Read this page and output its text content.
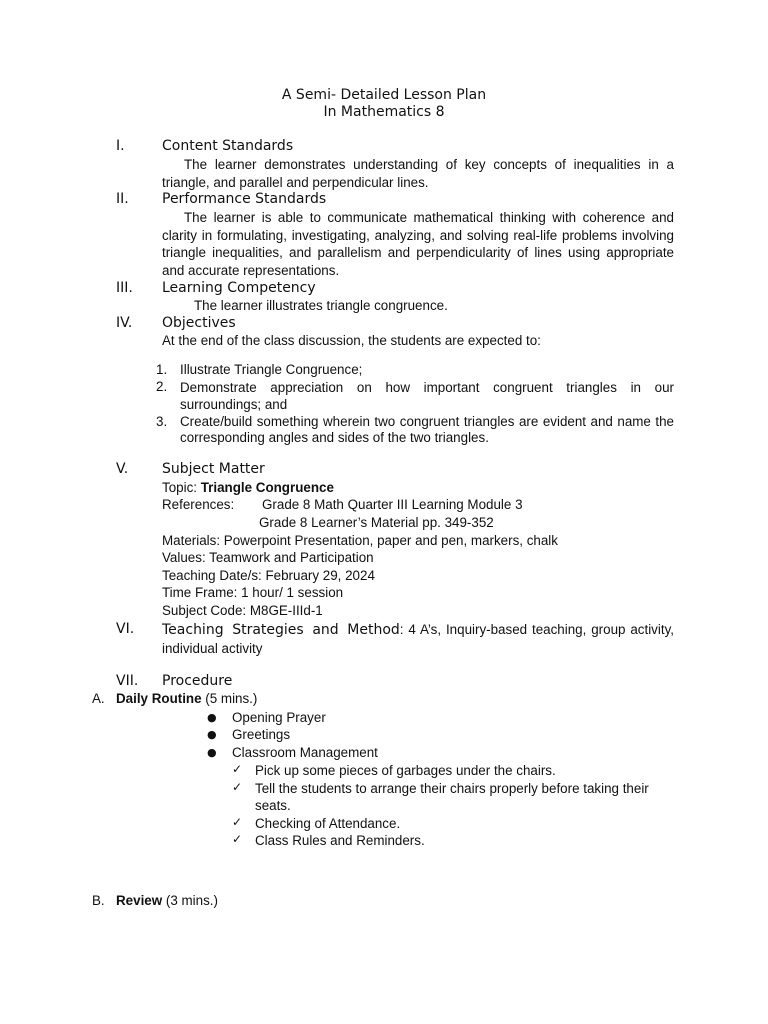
A Semi- Detailed Lesson Plan
In Mathematics 8
I.	Content Standards
The learner demonstrates understanding of key concepts of inequalities in a triangle, and parallel and perpendicular lines.
II. Performance Standards
The learner is able to communicate mathematical thinking with coherence and clarity in formulating, investigating, analyzing, and solving real-life problems involving triangle inequalities, and parallelism and perpendicularity of lines using appropriate and accurate representations.
III. Learning Competency
The learner illustrates triangle congruence.
IV. Objectives
At the end of the class discussion, the students are expected to:
1. Illustrate Triangle Congruence;
2. Demonstrate appreciation on how important congruent triangles in our surroundings; and
3. Create/build something wherein two congruent triangles are evident and name the corresponding angles and sides of the two triangles.
V. Subject Matter
Topic: Triangle Congruence
References: Grade 8 Math Quarter III Learning Module 3
Grade 8 Learner’s Material pp. 349-352
Materials: Powerpoint Presentation, paper and pen, markers, chalk
Values: Teamwork and Participation
Teaching Date/s: February 29, 2024
Time Frame: 1 hour/ 1 session
Subject Code: M8GE-IIId-1
VI. Teaching Strategies and Method: 4 A’s, Inquiry-based teaching, group activity, individual activity
VII. Procedure
A. Daily Routine (5 mins.)
● Opening Prayer
● Greetings
● Classroom Management
✓ Pick up some pieces of garbages under the chairs.
✓ Tell the students to arrange their chairs properly before taking their
seats.
✓ Checking of Attendance.
✓ Class Rules and Reminders.
B. Review (3 mins.)
